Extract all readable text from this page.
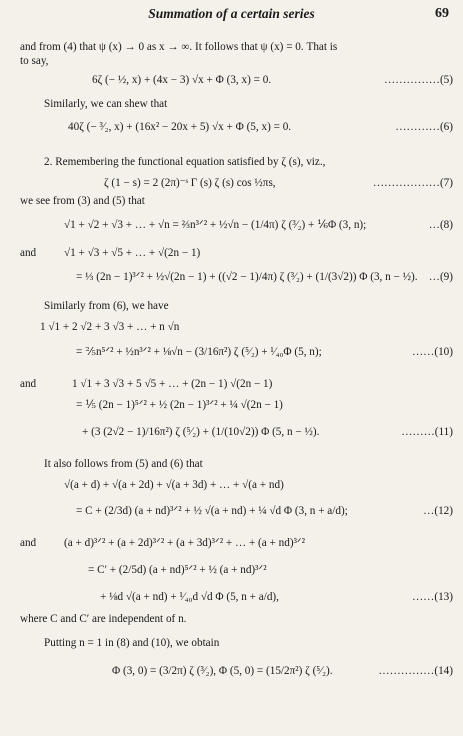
Summation of a certain series	69
and from (4) that ψ (x) → 0 as x → ∞. It follows that ψ (x) = 0. That is
to say,
6ζ (− ½, x) + (4x − 3) √x + Φ (3, x) = 0.	……………(5)
Similarly, we can shew that
40ζ (− ³⁄₂, x) + (16x² − 20x + 5) √x + Φ (5, x) = 0.	…………(6)
2. Remembering the functional equation satisfied by ζ (s), viz.,
ζ (1 − s) = 2 (2π)⁻ˢ Γ (s) ζ (s) cos ½πs,	………………(7)
we see from (3) and (5) that
√1 + √2 + √3 + … + √n = ⅔n³ᐟ² + ½√n − (1/4π) ζ (³⁄₂) + ⅙Φ (3, n);	…(8)
and √1 + √3 + √5 + … + √(2n − 1)
= ⅓ (2n − 1)³ᐟ² + ½√(2n − 1) + ((√2 − 1)/4π) ζ (³⁄₂) + (1/(3√2)) Φ (3, n − ½). …(9)
Similarly from (6), we have
1 √1 + 2 √2 + 3 √3 + … + n √n
= ⅖n⁵ᐟ² + ½n³ᐟ² + ⅛√n − (3/16π²) ζ (⁵⁄₂) + ¹⁄₄₀Φ (5, n);	……(10)
and	1 √1 + 3 √3 + 5 √5 + … + (2n − 1) √(2n − 1)
= ⅕ (2n − 1)⁵ᐟ² + ½ (2n − 1)³ᐟ² + ¼ √(2n − 1)
+ (3 (2√2 − 1)/16π²) ζ (⁵⁄₂) + (1/(10√2)) Φ (5, n − ½).	………(11)
It also follows from (5) and (6) that
√(a + d) + √(a + 2d) + √(a + 3d) + … + √(a + nd)
= C + (2/3d) (a + nd)³ᐟ² + ½ √(a + nd) + ¼ √d Φ (3, n + a/d);	…(12)
and (a + d)³ᐟ² + (a + 2d)³ᐟ² + (a + 3d)³ᐟ² + … + (a + nd)³ᐟ²
= C′ + (2/5d) (a + nd)⁵ᐟ² + ½ (a + nd)³ᐟ²
+ ⅛d √(a + nd) + ¹⁄₄₀d √d Φ (5, n + a/d),	……(13)
where C and C′ are independent of n.
Putting n = 1 in (8) and (10), we obtain
Φ (3, 0) = (3/2π) ζ (³⁄₂), Φ (5, 0) = (15/2π²) ζ (⁵⁄₂).	……………(14)
